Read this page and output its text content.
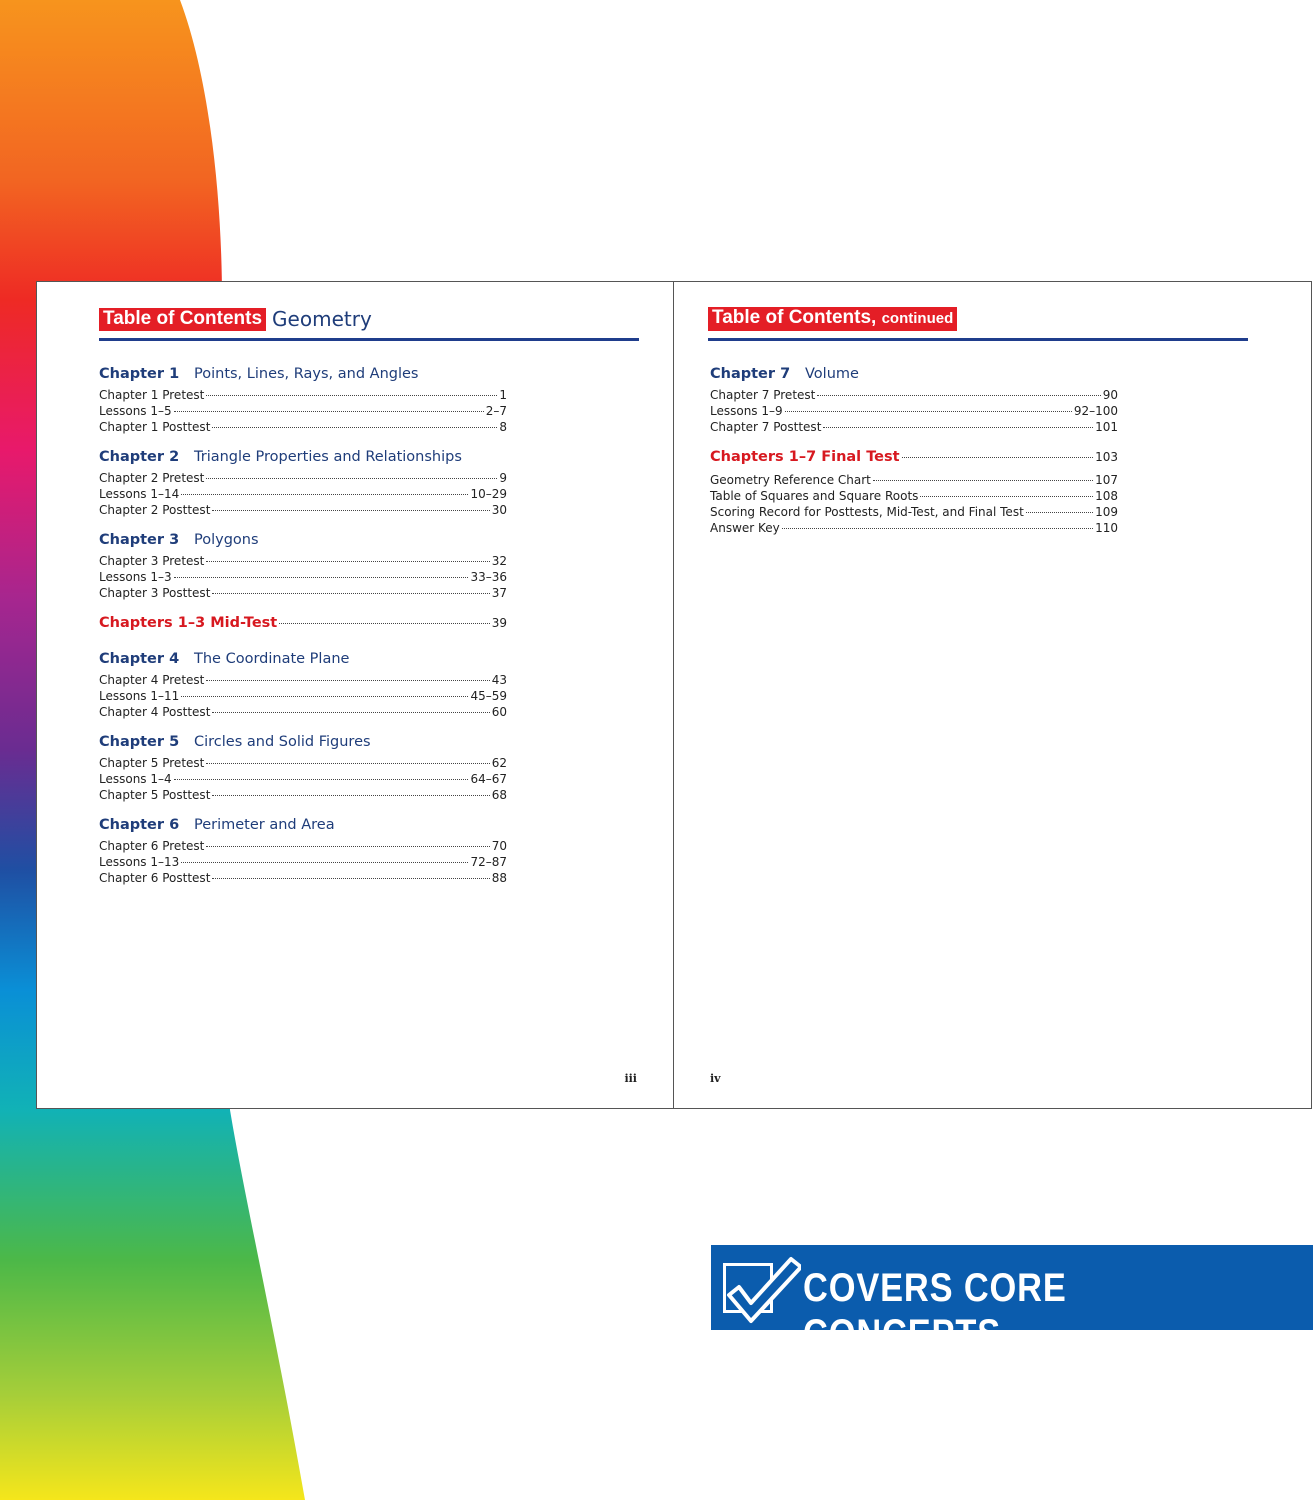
Table of Contents Geometry
Chapter 1 Points, Lines, Rays, and Angles
Chapter 1 Pretest	1
Lessons 1–5	2–7
Chapter 1 Posttest	8
Chapter 2 Triangle Properties and Relationships
Chapter 2 Pretest	9
Lessons 1–14	10–29
Chapter 2 Posttest	30
Chapter 3 Polygons
Chapter 3 Pretest	32
Lessons 1–3	33–36
Chapter 3 Posttest	37
Chapters 1–3 Mid-Test	39
Chapter 4 The Coordinate Plane
Chapter 4 Pretest	43
Lessons 1–11	45–59
Chapter 4 Posttest	60
Chapter 5 Circles and Solid Figures
Chapter 5 Pretest	62
Lessons 1–4	64–67
Chapter 5 Posttest	68
Chapter 6 Perimeter and Area
Chapter 6 Pretest	70
Lessons 1–13	72–87
Chapter 6 Posttest	88
iii
Table of Contents, continued
Chapter 7 Volume
Chapter 7 Pretest	90
Lessons 1–9	92–100
Chapter 7 Posttest	101
Chapters 1–7 Final Test	103
Geometry Reference Chart	107
Table of Squares and Square Roots	108
Scoring Record for Posttests, Mid-Test, and Final Test	109
Answer Key	110
iv
COVERS CORE CONCEPTS
